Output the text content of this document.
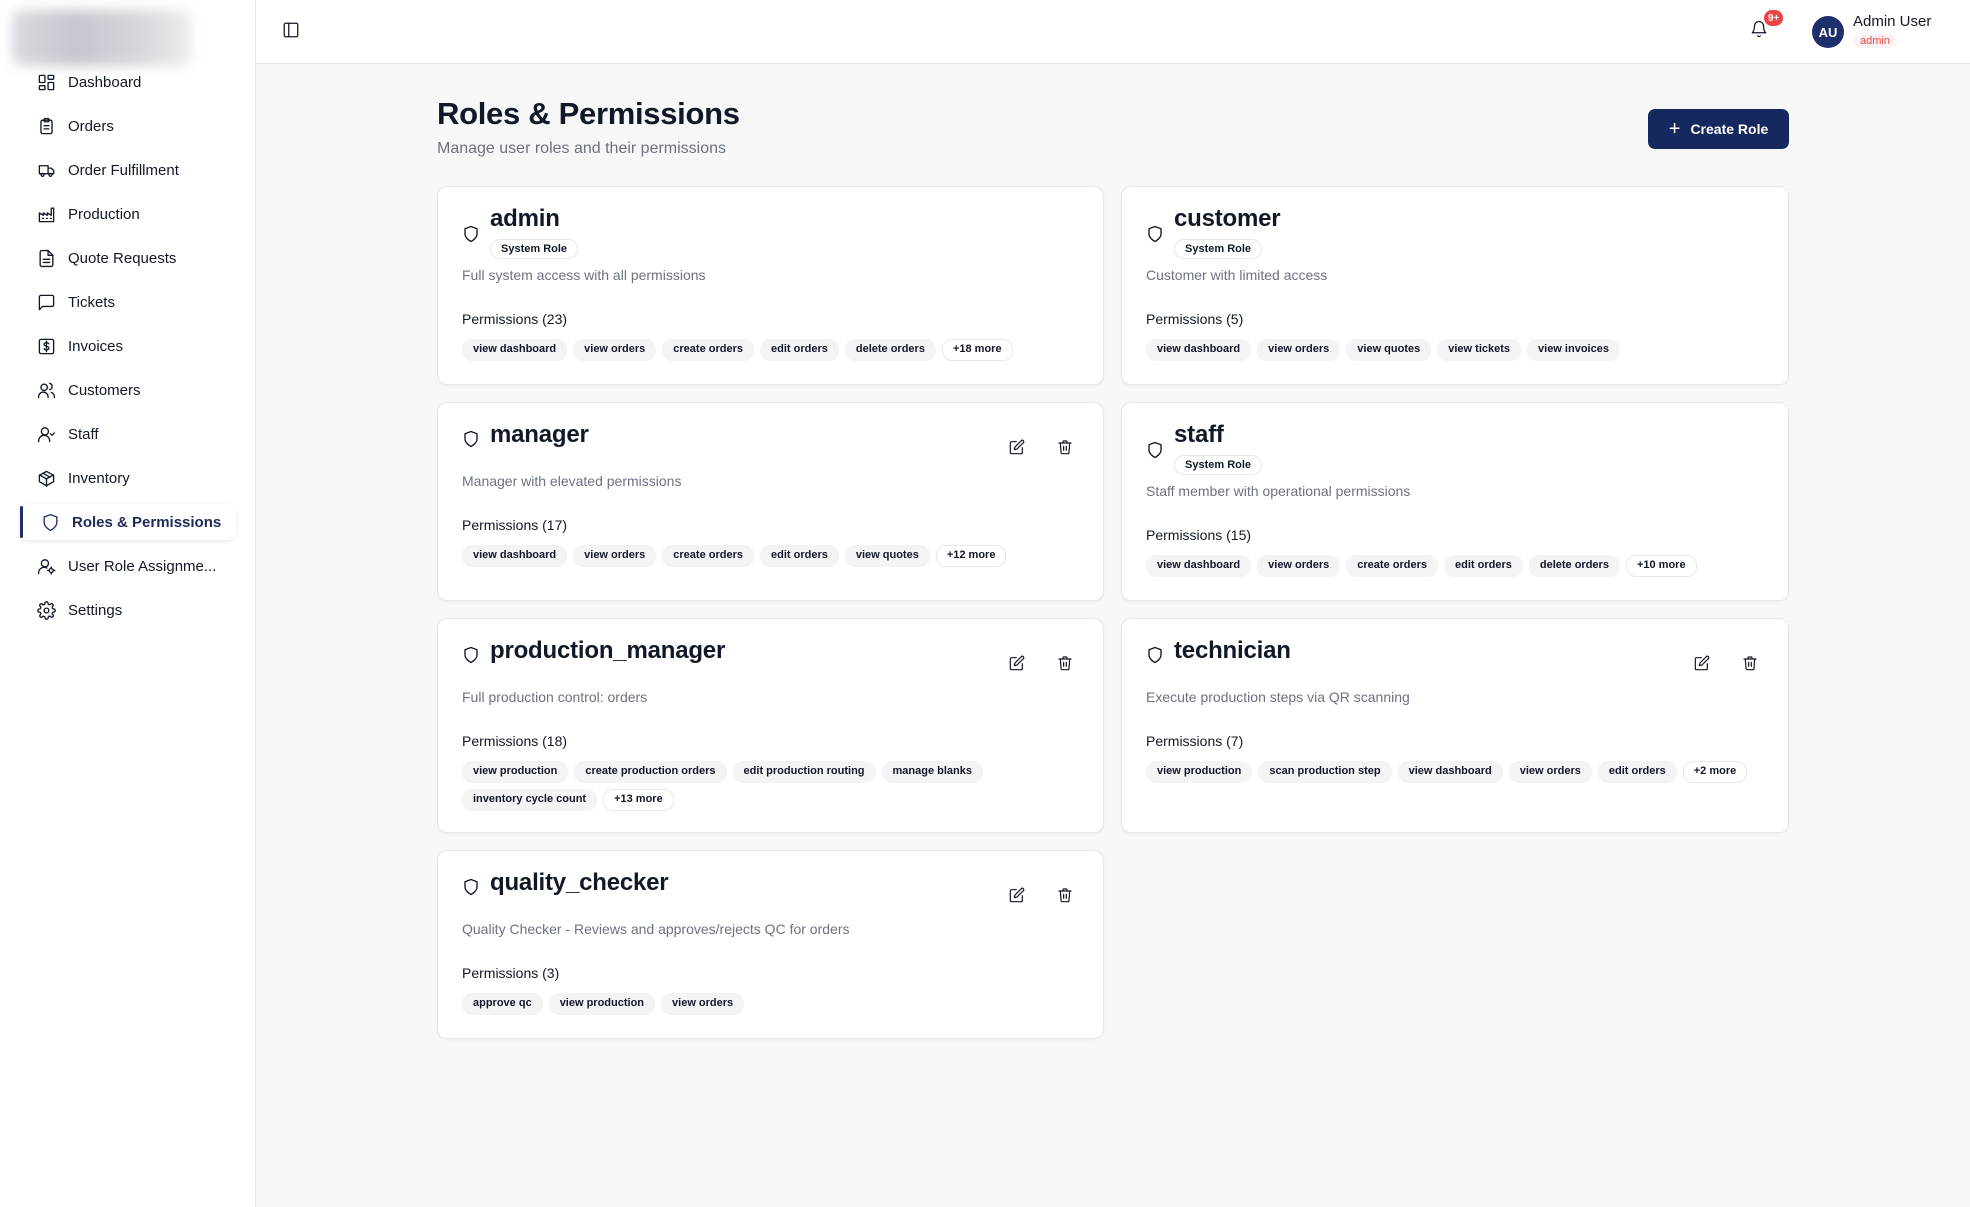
Dashboard
Orders
Order Fulfillment
Production
Quote Requests
Tickets
Invoices
Customers
Staff
Inventory
Roles & Permissions
User Role Assignme...
Settings
9+
AU
Admin User
admin
Roles & Permissions
Manage user roles and their permissions
+ Create Role
admin
System Role
Full system access with all permissions
Permissions (23)
view dashboard	view orders	create orders	edit orders	delete orders	+18 more
customer
System Role
Customer with limited access
Permissions (5)
view dashboard	view orders	view quotes	view tickets	view invoices
manager
Manager with elevated permissions
Permissions (17)
view dashboard	view orders	create orders	edit orders	view quotes	+12 more
staff
System Role
Staff member with operational permissions
Permissions (15)
view dashboard	view orders	create orders	edit orders	delete orders	+10 more
production_manager
Full production control: orders
Permissions (18)
view production	create production orders	edit production routing	manage blanks
inventory cycle count	+13 more
technician
Execute production steps via QR scanning
Permissions (7)
view production	scan production step	view dashboard	view orders	edit orders	+2 more
quality_checker
Quality Checker - Reviews and approves/rejects QC for orders
Permissions (3)
approve qc	view production	view orders
